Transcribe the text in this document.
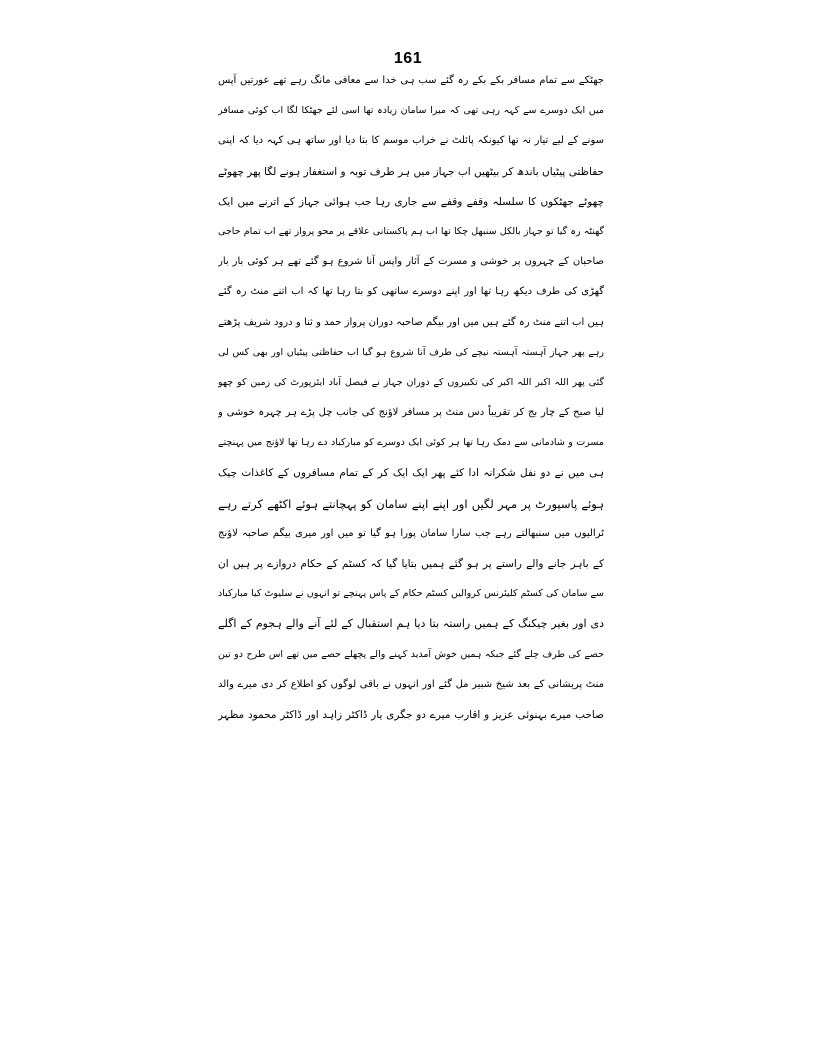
161
جھٹکے سے تمام مسافر بکے بکے رہ گئے سب ہی خدا سے معافی مانگ رہے تھے عورتیں آپس
میں ایک دوسرے سے کہہ رہی تھی کہ میرا سامان زیادہ تھا اسی لئے جھٹکا لگا اب کوئی مسافر
سونے کے لیے تیار نہ تھا کیونکہ پائلٹ نے خراب موسم کا بتا دیا اور ساتھ ہی کہہ دیا کہ اپنی
حفاظتی پیٹیاں باندھ کر بیٹھیں اب جہاز میں ہر طرف توبہ و استغفار ہونے لگا پھر چھوٹے
چھوٹے جھٹکوں کا سلسلہ وقفے وقفے سے جاری رہا جب ہوائی جہاز کے اترنے میں ایک
گھنٹہ رہ گیا تو جہاز بالکل سنبھل چکا تھا اب ہم پاکستانی علاقے پر محو پرواز تھے اب تمام حاجی
صاحبان کے چہروں پر خوشی و مسرت کے آثار واپس آنا شروع ہو گئے تھے ہر کوئی بار بار
گھڑی کی طرف دیکھ رہا تھا اور اپنے دوسرے ساتھی کو بتا رہا تھا کہ اب اتنے منٹ رہ گئے
ہیں اب اتنے منٹ رہ گئے ہیں میں اور بیگم صاحبہ دوران پرواز حمد و ثنا و درود شریف پڑھتے
رہے پھر جہاز آہستہ آہستہ نیچے کی طرف آنا شروع ہو گیا اب حفاظتی پیٹیاں اور بھی کس لی
گئی پھر اللہ اکبر اللہ اکبر کی تکبیروں کے دوران جہاز نے فیصل آباد ایئرپورٹ کی زمین کو چھو
لیا صبح کے چار بج کر تقریباً دس منٹ پر مسافر لاؤنج کی جانب چل پڑے ہر چہرہ خوشی و
مسرت و شادمانی سے دمک رہا تھا ہر کوئی ایک دوسرے کو مبارکباد دے رہا تھا لاؤنج میں پہنچتے
ہی میں نے دو نفل شکرانہ ادا کئے پھر ایک ایک کر کے تمام مسافروں کے کاغذات چیک
ہوئے پاسپورٹ پر مہر لگیں اور اپنے اپنے سامان کو پہچانتے ہوئے اکٹھے کرتے رہے
ٹرالیوں میں سنبھالتے رہے جب سارا سامان پورا ہو گیا تو میں اور میری بیگم صاحبہ لاؤنج
کے باہر جانے والے راستے پر ہو گئے ہمیں بتایا گیا کہ کسٹم کے حکام دروازے پر ہیں ان
سے سامان کی کسٹم کلیئرنس کروالیں کسٹم حکام کے پاس پہنچے تو انہوں نے سلیوٹ کیا مبارکباد
دی اور بغیر چیکنگ کے ہمیں راستہ بتا دیا ہم استقبال کے لئے آنے والے ہجوم کے اگلے
حصے کی طرف چلے گئے جبکہ ہمیں خوش آمدید کہنے والے پچھلے حصے میں تھے اس طرح دو تین
منٹ پریشانی کے بعد شیخ شبیر مل گئے اور انہوں نے باقی لوگوں کو اطلاع کر دی میرے والد
صاحب میرے بہنوئی عزیز و اقارب میرے دو جگری یار ڈاکٹر زاہد اور ڈاکٹر محمود مظہر
